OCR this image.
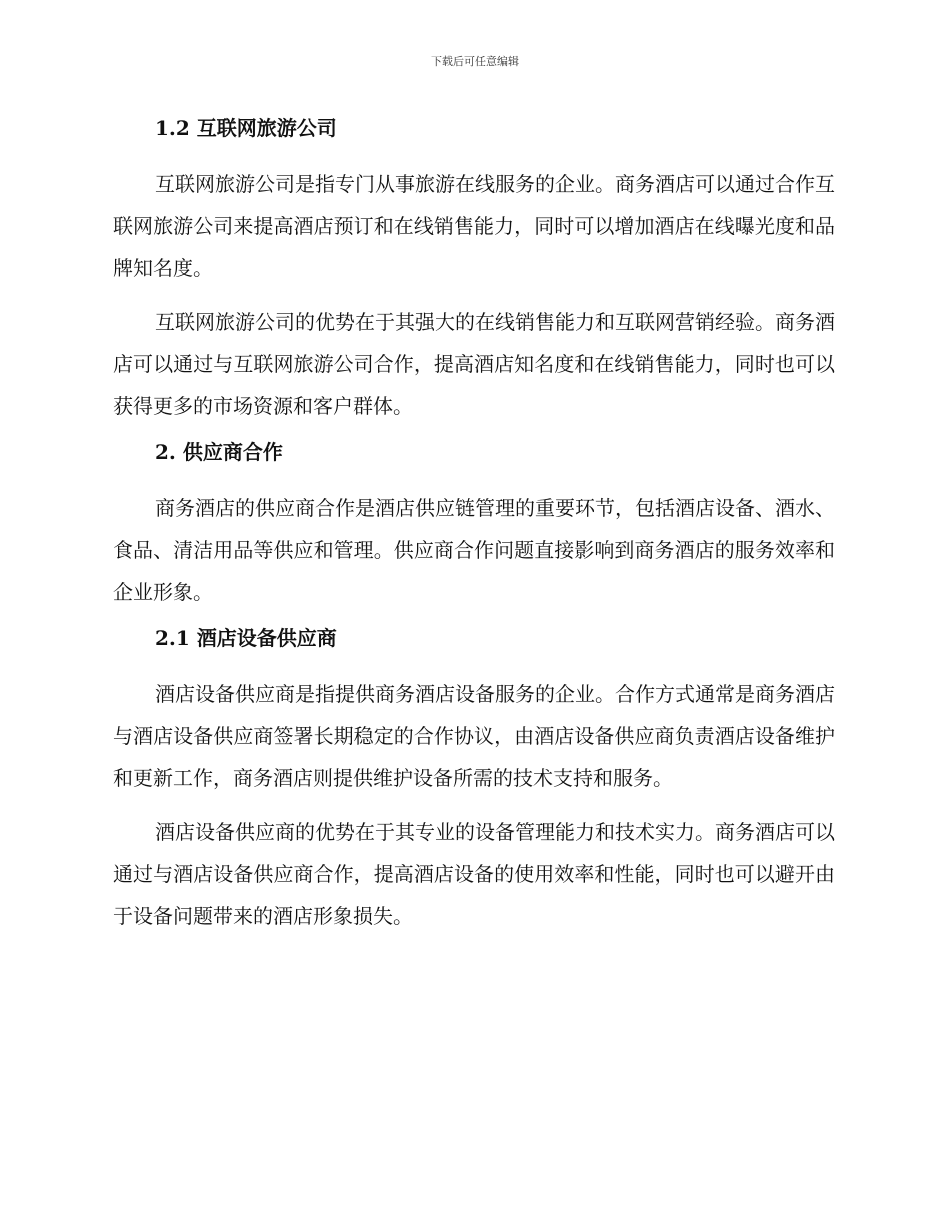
下载后可任意编辑
1.2 互联网旅游公司

互联网旅游公司是指专门从事旅游在线服务的企业。商务酒店可以通过合作互联网旅游公司来提高酒店预订和在线销售能力，同时可以增加酒店在线曝光度和品牌知名度。

互联网旅游公司的优势在于其强大的在线销售能力和互联网营销经验。商务酒店可以通过与互联网旅游公司合作，提高酒店知名度和在线销售能力，同时也可以获得更多的市场资源和客户群体。

2. 供应商合作

商务酒店的供应商合作是酒店供应链管理的重要环节，包括酒店设备、酒水、食品、清洁用品等供应和管理。供应商合作问题直接影响到商务酒店的服务效率和企业形象。

2.1 酒店设备供应商

酒店设备供应商是指提供商务酒店设备服务的企业。合作方式通常是商务酒店与酒店设备供应商签署长期稳定的合作协议，由酒店设备供应商负责酒店设备维护和更新工作，商务酒店则提供维护设备所需的技术支持和服务。

酒店设备供应商的优势在于其专业的设备管理能力和技术实力。商务酒店可以通过与酒店设备供应商合作，提高酒店设备的使用效率和性能，同时也可以避开由于设备问题带来的酒店形象损失。
